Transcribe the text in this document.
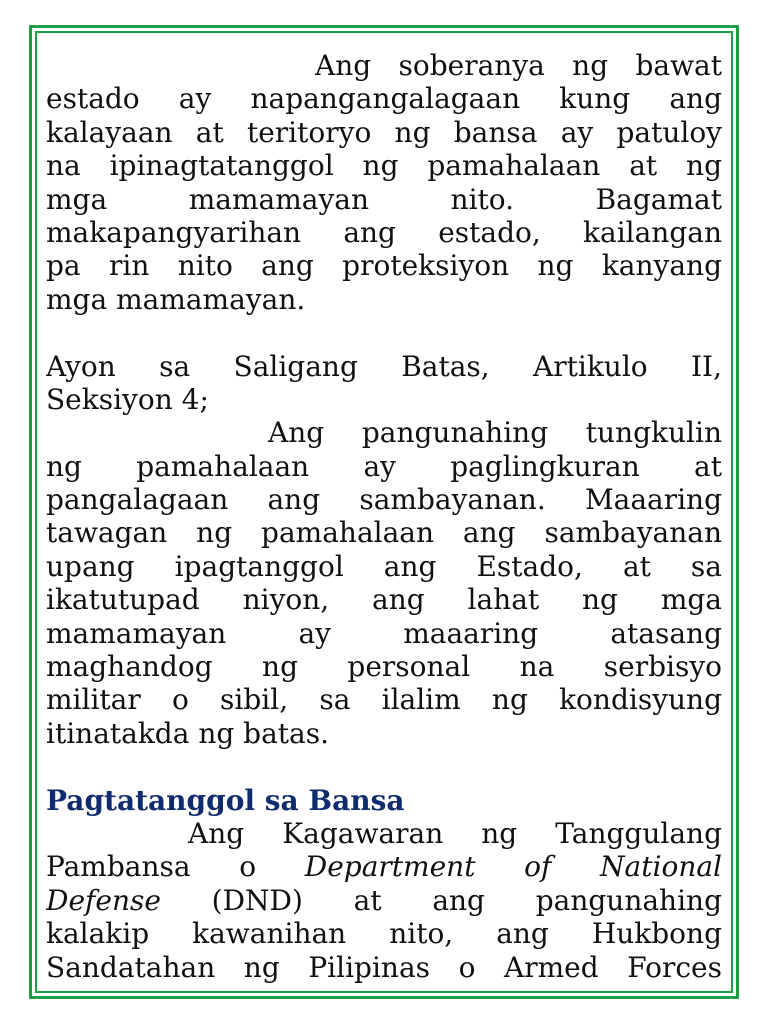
Ang soberanya ng bawat
estado ay napangangalagaan kung ang
kalayaan at teritoryo ng bansa ay patuloy
na ipinagtatanggol ng pamahalaan at ng
mga mamamayan nito. Bagamat
makapangyarihan ang estado, kailangan
pa rin nito ang proteksiyon ng kanyang
mga mamamayan.
Ayon sa Saligang Batas, Artikulo II,
Seksiyon 4;
Ang pangunahing tungkulin
ng pamahalaan ay paglingkuran at
pangalagaan ang sambayanan. Maaaring
tawagan ng pamahalaan ang sambayanan
upang ipagtanggol ang Estado, at sa
ikatutupad niyon, ang lahat ng mga
mamamayan ay maaaring atasang
maghandog ng personal na serbisyo
militar o sibil, sa ilalim ng kondisyung
itinatakda ng batas.
Pagtatanggol sa Bansa
Ang Kagawaran ng Tanggulang
Pambansa o Department of National
Defense (DND) at ang pangunahing
kalakip kawanihan nito, ang Hukbong
Sandatahan ng Pilipinas o Armed Forces
